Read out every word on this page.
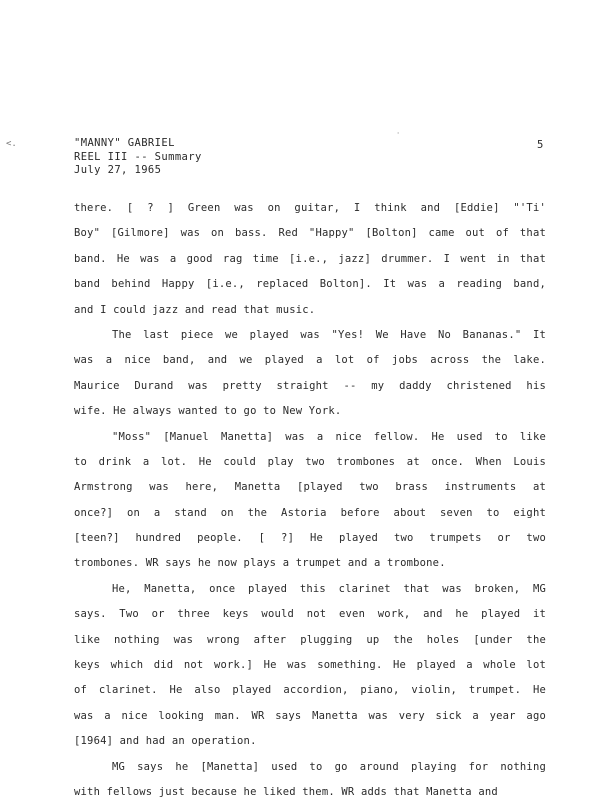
<.
'
"MANNY" GABRIEL
REEL III -- Summary
July 27, 1965
5
there. [ ? ] Green was on guitar, I think and [Eddie] "'Ti'
Boy" [Gilmore] was on bass. Red "Happy" [Bolton] came out of that
band. He was a good rag time [i.e., jazz] drummer. I went in that
band behind Happy [i.e., replaced Bolton]. It was a reading band,
and I could jazz and read that music.
The last piece we played was "Yes! We Have No Bananas." It
was a nice band, and we played a lot of jobs across the lake.
Maurice Durand was pretty straight -- my daddy christened his
wife. He always wanted to go to New York.
"Moss" [Manuel Manetta] was a nice fellow. He used to like
to drink a lot. He could play two trombones at once. When Louis
Armstrong was here, Manetta [played two brass instruments at
once?] on a stand on the Astoria before about seven to eight
[teen?] hundred people. [ ?] He played two trumpets or two
trombones. WR says he now plays a trumpet and a trombone.
He, Manetta, once played this clarinet that was broken, MG
says. Two or three keys would not even work, and he played it
like nothing was wrong after plugging up the holes [under the
keys which did not work.] He was something. He played a whole lot
of clarinet. He also played accordion, piano, violin, trumpet. He
was a nice looking man. WR says Manetta was very sick a year ago
[1964] and had an operation.
MG says he [Manetta] used to go around playing for nothing
with fellows just because he liked them. WR adds that Manetta and
